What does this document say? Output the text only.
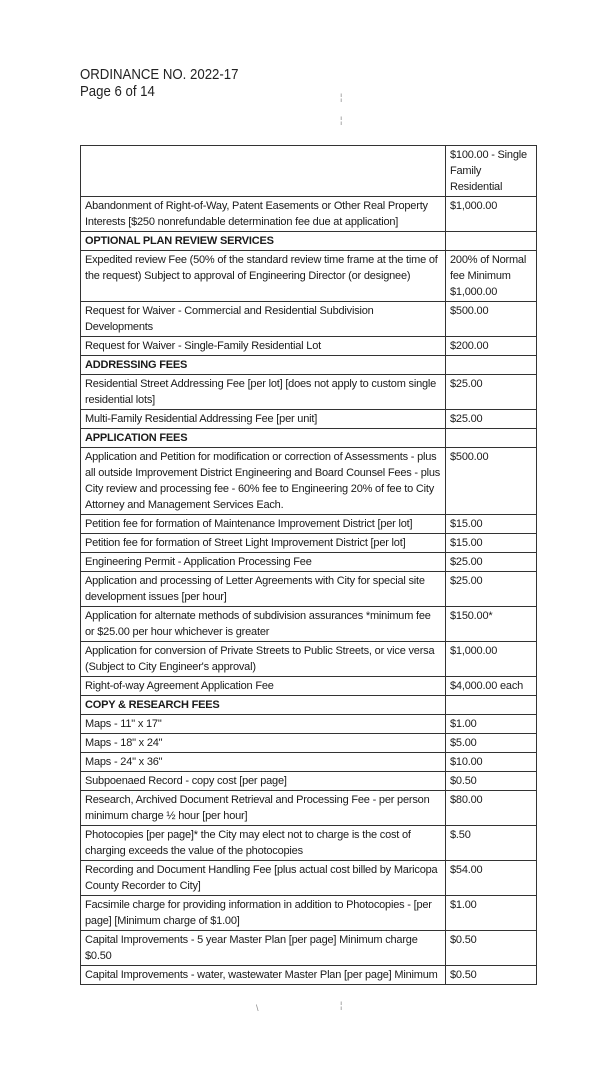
ORDINANCE NO. 2022-17
Page 6 of 14

	$100.00 - Single Family Residential

Abandonment of Right-of-Way, Patent Easements or Other Real Property Interests [$250 nonrefundable determination fee due at application]	$1,000.00

OPTIONAL PLAN REVIEW SERVICES	

Expedited review Fee (50% of the standard review time frame at the time of the request) Subject to approval of Engineering Director (or designee)	200% of Normal fee Minimum $1,000.00

Request for Waiver - Commercial and Residential Subdivision Developments	$500.00

Request for Waiver - Single-Family Residential Lot	$200.00

ADDRESSING FEES	

Residential Street Addressing Fee [per lot] [does not apply to custom single residential lots]	$25.00

Multi-Family Residential Addressing Fee [per unit]	$25.00

APPLICATION FEES	

Application and Petition for modification or correction of Assessments - plus all outside Improvement District Engineering and Board Counsel Fees - plus City review and processing fee - 60% fee to Engineering 20% of fee to City Attorney and Management Services Each.	$500.00

Petition fee for formation of Maintenance Improvement District [per lot]	$15.00

Petition fee for formation of Street Light Improvement District [per lot]	$15.00

Engineering Permit - Application Processing Fee	$25.00

Application and processing of Letter Agreements with City for special site development issues [per hour]	$25.00

Application for alternate methods of subdivision assurances *minimum fee or $25.00 per hour whichever is greater	$150.00*

Application for conversion of Private Streets to Public Streets, or vice versa (Subject to City Engineer's approval)	$1,000.00

Right-of-way Agreement Application Fee	$4,000.00 each

COPY & RESEARCH FEES	

Maps - 11" x 17"	$1.00

Maps - 18" x 24"	$5.00

Maps - 24" x 36"	$10.00

Subpoenaed Record - copy cost [per page]	$0.50

Research, Archived Document Retrieval and Processing Fee - per person minimum charge ½ hour [per hour]	$80.00

Photocopies [per page]* the City may elect not to charge is the cost of charging exceeds the value of the photocopies	$.50

Recording and Document Handling Fee [plus actual cost billed by Maricopa County Recorder to City]	$54.00

Facsimile charge for providing information in addition to Photocopies - [per page] [Minimum charge of $1.00]	$1.00

Capital Improvements - 5 year Master Plan [per page] Minimum charge $0.50	$0.50

Capital Improvements - water, wastewater Master Plan [per page] Minimum	$0.50
¦
¦
\	¦
